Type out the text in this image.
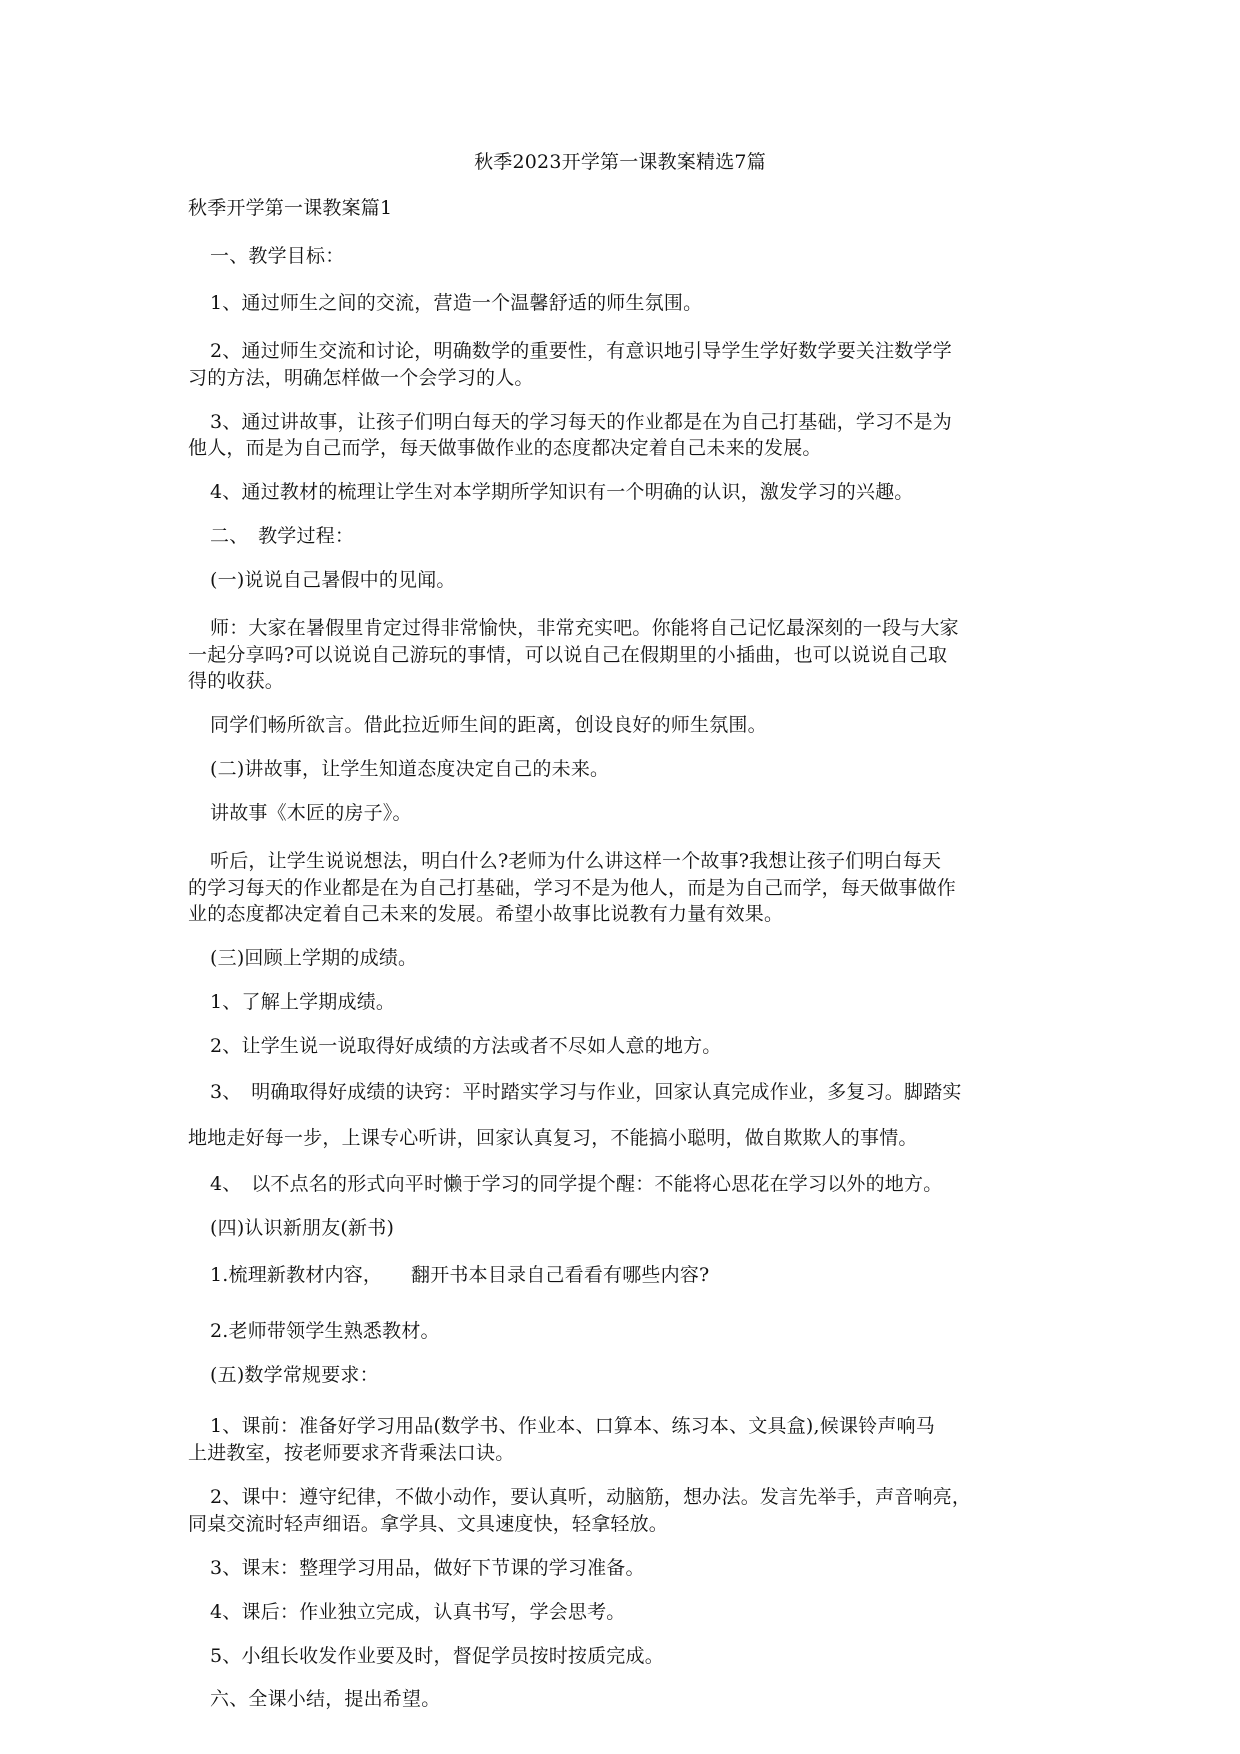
秋季2023开学第一课教案精选7篇
秋季开学第一课教案篇1
一、教学目标：
1、通过师生之间的交流，营造一个温馨舒适的师生氛围。
2、通过师生交流和讨论，明确数学的重要性，有意识地引导学生学好数学要关注数学学
习的方法，明确怎样做一个会学习的人。
3、通过讲故事，让孩子们明白每天的学习每天的作业都是在为自己打基础，学习不是为
他人，而是为自己而学，每天做事做作业的态度都决定着自己未来的发展。
4、通过教材的梳理让学生对本学期所学知识有一个明确的认识，激发学习的兴趣。
二、　教学过程：
(一)说说自己暑假中的见闻。
师：大家在暑假里肯定过得非常愉快，非常充实吧。你能将自己记忆最深刻的一段与大家
一起分享吗?可以说说自己游玩的事情，可以说自己在假期里的小插曲，也可以说说自己取
得的收获。
同学们畅所欲言。借此拉近师生间的距离，创设良好的师生氛围。
(二)讲故事，让学生知道态度决定自己的未来。
讲故事《木匠的房子》。
听后，让学生说说想法，明白什么?老师为什么讲这样一个故事?我想让孩子们明白每天
的学习每天的作业都是在为自己打基础，学习不是为他人，而是为自己而学，每天做事做作
业的态度都决定着自己未来的发展。希望小故事比说教有力量有效果。
(三)回顾上学期的成绩。
1、了解上学期成绩。
2、让学生说一说取得好成绩的方法或者不尽如人意的地方。
3、　明确取得好成绩的诀窍：平时踏实学习与作业，回家认真完成作业，多复习。脚踏实
地地走好每一步，上课专心听讲，回家认真复习，不能搞小聪明，做自欺欺人的事情。
4、　以不点名的形式向平时懒于学习的同学提个醒：不能将心思花在学习以外的地方。
(四)认识新朋友(新书)
1.梳理新教材内容，　　翻开书本目录自己看看有哪些内容?
2.老师带领学生熟悉教材。
(五)数学常规要求：
1、课前：准备好学习用品(数学书、作业本、口算本、练习本、文具盒),候课铃声响马
上进教室，按老师要求齐背乘法口诀。
2、课中：遵守纪律，不做小动作，要认真听，动脑筋，想办法。发言先举手，声音响亮，
同桌交流时轻声细语。拿学具、文具速度快，轻拿轻放。
3、课末：整理学习用品，做好下节课的学习准备。
4、课后：作业独立完成，认真书写，学会思考。
5、小组长收发作业要及时，督促学员按时按质完成。
六、全课小结，提出希望。
